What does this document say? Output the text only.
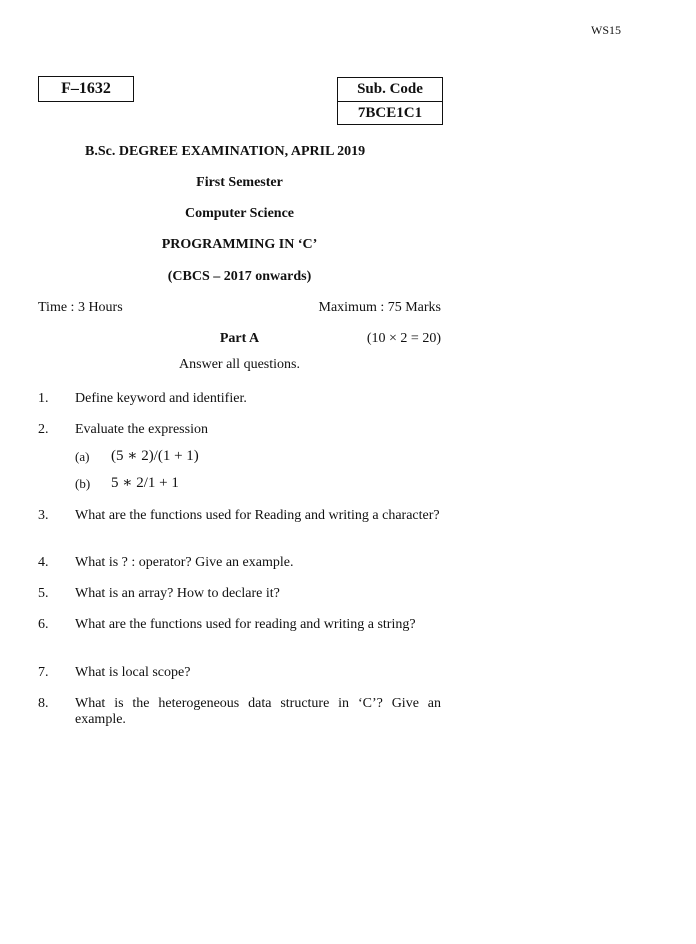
WS15
F–1632	Sub. Code
7BCE1C1
B.Sc. DEGREE EXAMINATION, APRIL 2019
First Semester
Computer Science
PROGRAMMING IN ‘C’
(CBCS – 2017 onwards)
Time : 3 Hours	Maximum : 75 Marks
Part A	(10 × 2 = 20)
Answer all questions.
1. Define keyword and identifier.
2. Evaluate the expression
(a) (5 ∗ 2)/(1 + 1)
(b) 5 ∗ 2/1 + 1
3. What are the functions used for Reading and writing a character?
4. What is ? : operator? Give an example.
5. What is an array? How to declare it?
6. What are the functions used for reading and writing a string?
7. What is local scope?
8. What is the heterogeneous data structure in ‘C’? Give an example.
